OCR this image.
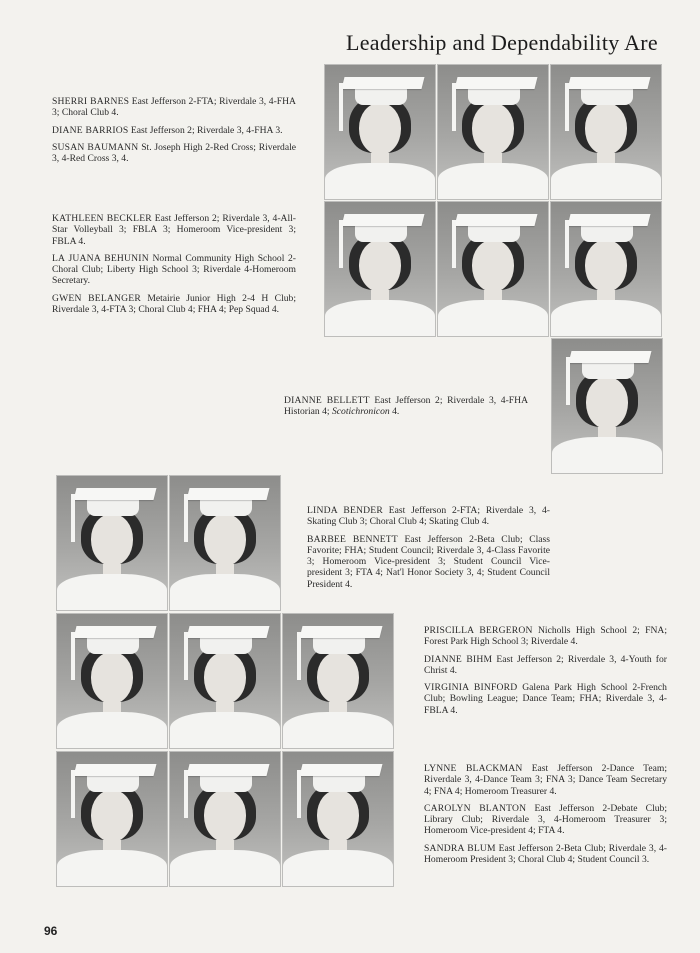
Leadership and Dependability Are

SHERRI BARNES East Jefferson 2-FTA; Riverdale 3, 4-FHA 3; Choral Club 4.

DIANE BARRIOS East Jefferson 2; Riverdale 3, 4-FHA 3.

SUSAN BAUMANN St. Joseph High 2-Red Cross; Riverdale 3, 4-Red Cross 3, 4.

KATHLEEN BECKLER East Jefferson 2; Riverdale 3, 4-All-Star Volleyball 3; FBLA 3; Homeroom Vice-president 3; FBLA 4.

LA JUANA BEHUNIN Normal Community High School 2-Choral Club; Liberty High School 3; Riverdale 4-Homeroom Secretary.

GWEN BELANGER Metairie Junior High 2-4 H Club; Riverdale 3, 4-FTA 3; Choral Club 4; FHA 4; Pep Squad 4.

DIANNE BELLETT East Jefferson 2; Riverdale 3, 4-FHA Historian 4; Scotichronicon 4.

LINDA BENDER East Jefferson 2-FTA; Riverdale 3, 4-Skating Club 3; Choral Club 4; Skating Club 4.

BARBEE BENNETT East Jefferson 2-Beta Club; Class Favorite; FHA; Student Council; Riverdale 3, 4-Class Favorite 3; Homeroom Vice-president 3; Student Council Vice-president 3; FTA 4; Nat'l Honor Society 3, 4; Student Council President 4.

PRISCILLA BERGERON Nicholls High School 2; FNA; Forest Park High School 3; Riverdale 4.

DIANNE BIHM East Jefferson 2; Riverdale 3, 4-Youth for Christ 4.

VIRGINIA BINFORD Galena Park High School 2-French Club; Bowling League; Dance Team; FHA; Riverdale 3, 4-FBLA 4.

LYNNE BLACKMAN East Jefferson 2-Dance Team; Riverdale 3, 4-Dance Team 3; FNA 3; Dance Team Secretary 4; FNA 4; Homeroom Treasurer 4.

CAROLYN BLANTON East Jefferson 2-Debate Club; Library Club; Riverdale 3, 4-Homeroom Treasurer 3; Homeroom Vice-president 4; FTA 4.

SANDRA BLUM East Jefferson 2-Beta Club; Riverdale 3, 4-Homeroom President 3; Choral Club 4; Student Council 3.

96
